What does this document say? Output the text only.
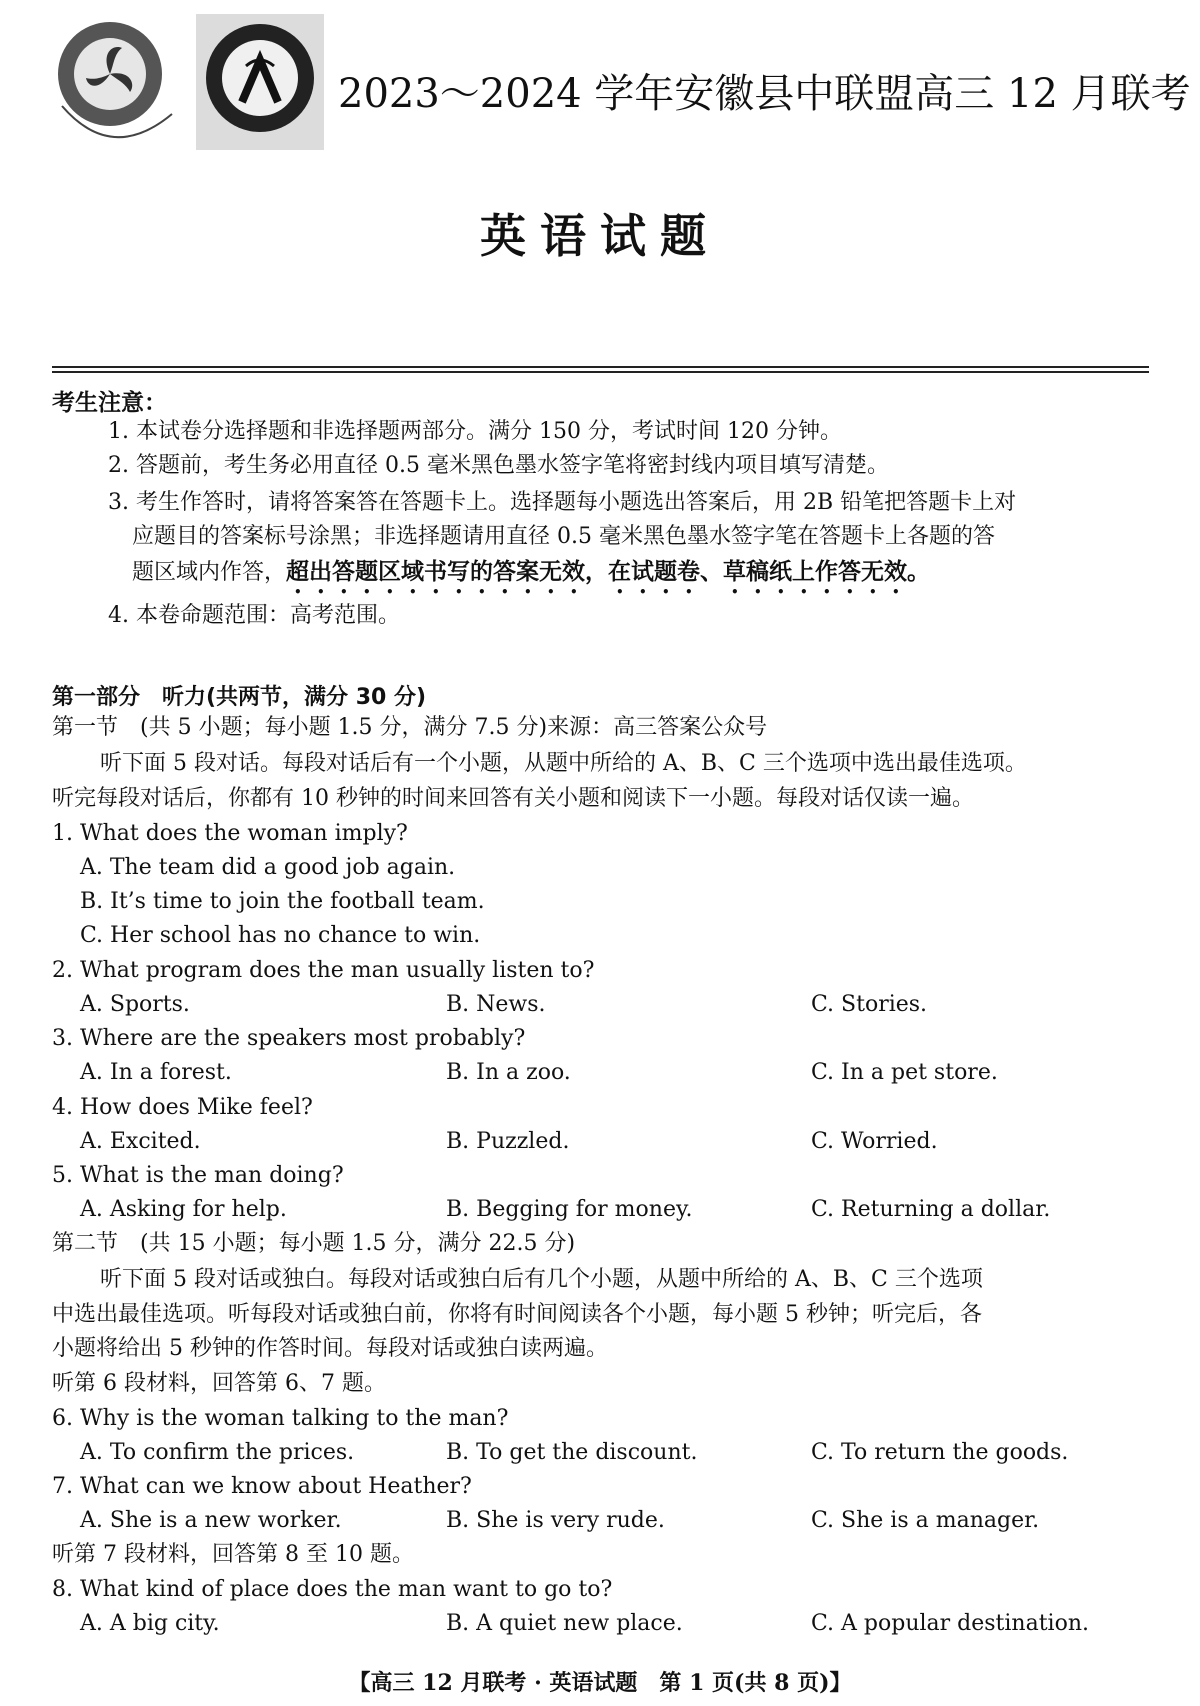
2023～2024 学年安徽县中联盟高三 12 月联考
英语试题
考生注意：
1. 本试卷分选择题和非选择题两部分。满分 150 分，考试时间 120 分钟。
2. 答题前，考生务必用直径 0.5 毫米黑色墨水签字笔将密封线内项目填写清楚。
3. 考生作答时，请将答案答在答题卡上。选择题每小题选出答案后，用 2B 铅笔把答题卡上对
应题目的答案标号涂黑；非选择题请用直径 0.5 毫米黑色墨水签字笔在答题卡上各题的答
题区域内作答，超出答题区域书写的答案无效，在试题卷、草稿纸上作答无效。
4. 本卷命题范围：高考范围。
第一部分　听力(共两节，满分 30 分)
第一节　(共 5 小题；每小题 1.5 分，满分 7.5 分)来源：高三答案公众号
听下面 5 段对话。每段对话后有一个小题，从题中所给的 A、B、C 三个选项中选出最佳选项。
听完每段对话后，你都有 10 秒钟的时间来回答有关小题和阅读下一小题。每段对话仅读一遍。
1. What does the woman imply?
A. The team did a good job again.
B. It’s time to join the football team.
C. Her school has no chance to win.
2. What program does the man usually listen to?
A. Sports.	B. News.	C. Stories.
3. Where are the speakers most probably?
A. In a forest.	B. In a zoo.	C. In a pet store.
4. How does Mike feel?
A. Excited.	B. Puzzled.	C. Worried.
5. What is the man doing?
A. Asking for help.	B. Begging for money.	C. Returning a dollar.
第二节　(共 15 小题；每小题 1.5 分，满分 22.5 分)
听下面 5 段对话或独白。每段对话或独白后有几个小题，从题中所给的 A、B、C 三个选项
中选出最佳选项。听每段对话或独白前，你将有时间阅读各个小题，每小题 5 秒钟；听完后，各
小题将给出 5 秒钟的作答时间。每段对话或独白读两遍。
听第 6 段材料，回答第 6、7 题。
6. Why is the woman talking to the man?
A. To confirm the prices.	B. To get the discount.	C. To return the goods.
7. What can we know about Heather?
A. She is a new worker.	B. She is very rude.	C. She is a manager.
听第 7 段材料，回答第 8 至 10 题。
8. What kind of place does the man want to go to?
A. A big city.	B. A quiet new place.	C. A popular destination.
【高三 12 月联考 · 英语试题　第 1 页(共 8 页)】
